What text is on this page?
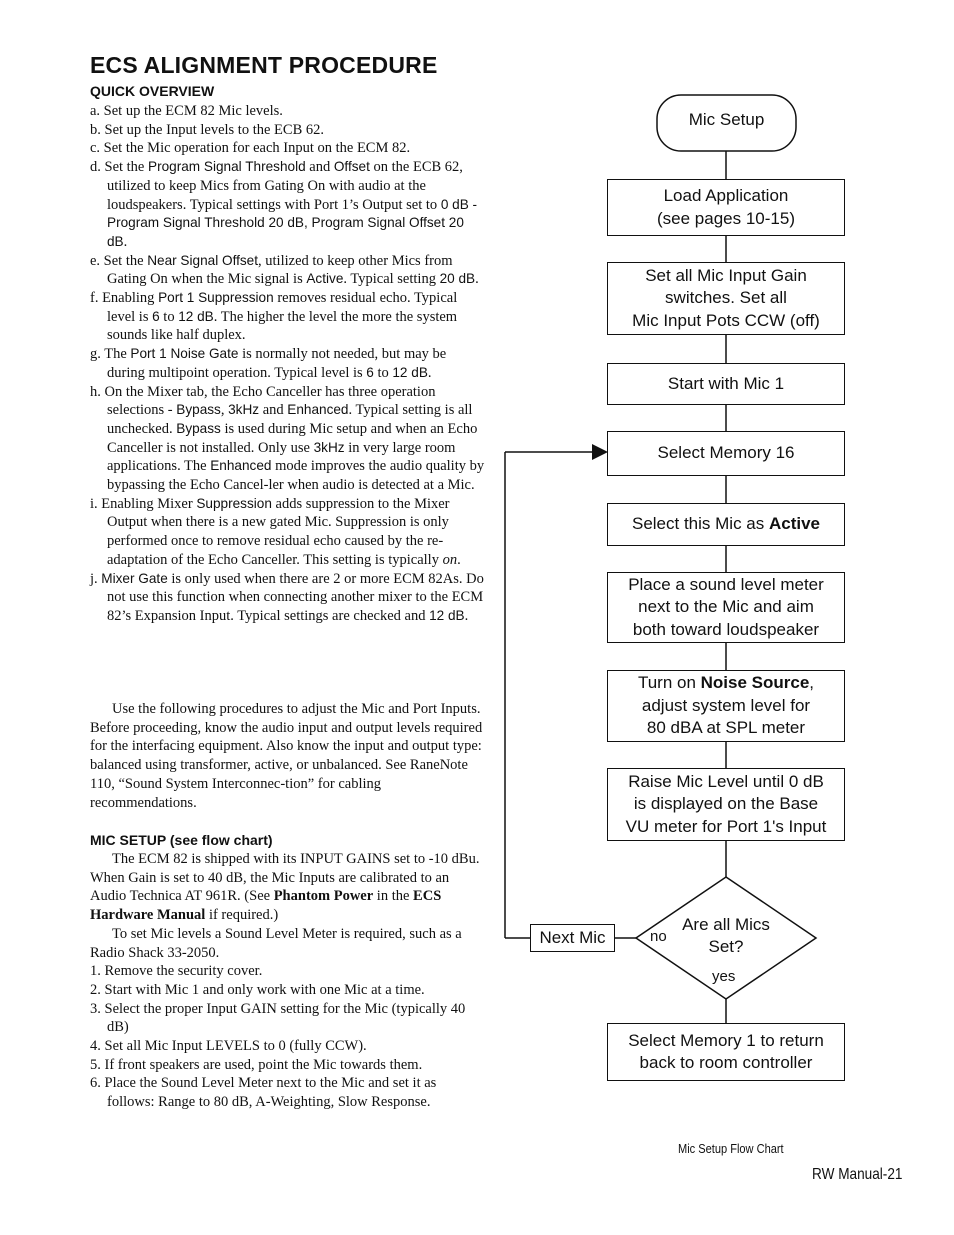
ECS ALIGNMENT PROCEDURE
QUICK OVERVIEW

a. Set up the ECM 82 Mic levels.

b. Set up the Input levels to the ECB 62.

c. Set the Mic operation for each Input on the ECM 82.

d. Set the Program Signal Threshold and Offset on the ECB 62, utilized to keep Mics from Gating On with audio at the loudspeakers. Typical settings with Port 1’s Output set to 0 dB - Program Signal Threshold 20 dB, Program Signal Offset 20 dB.

e. Set the Near Signal Offset, utilized to keep other Mics from Gating On when the Mic signal is Active. Typical setting 20 dB.

f. Enabling Port 1 Suppression removes residual echo. Typical level is 6 to 12 dB. The higher the level the more the system sounds like half duplex.

g. The Port 1 Noise Gate is normally not needed, but may be during multipoint operation. Typical level is 6 to 12 dB.

h. On the Mixer tab, the Echo Canceller has three operation selections - Bypass, 3kHz and Enhanced. Typical setting is all unchecked. Bypass is used during Mic setup and when an Echo Canceller is not installed. Only use 3kHz in very large room applications. The Enhanced mode improves the audio quality by bypassing the Echo Cancel-ler when audio is detected at a Mic.

i. Enabling Mixer Suppression adds suppression to the Mixer Output when there is a new gated Mic. Suppression is only performed once to remove residual echo caused by the re-adaptation of the Echo Canceller. This setting is typically on.

j. Mixer Gate is only used when there are 2 or more ECM 82As. Do not use this function when connecting another mixer to the ECM 82’s Expansion Input. Typical settings are checked and 12 dB.

Use the following procedures to adjust the Mic and Port Inputs. Before proceeding, know the audio input and output levels required for the interfacing equipment. Also know the input and output type: balanced using transformer, active, or unbalanced. See RaneNote 110, “Sound System Interconnec-tion” for cabling recommendations.

MIC SETUP (see flow chart)

The ECM 82 is shipped with its INPUT GAINS set to -10 dBu. When Gain is set to 40 dB, the Mic Inputs are calibrated to an Audio Technica AT 961R. (See Phantom Power in the ECS Hardware Manual if required.)

To set Mic levels a Sound Level Meter is required, such as a Radio Shack 33-2050.

1. Remove the security cover.

2. Start with Mic 1 and only work with one Mic at a time.

3. Select the proper Input GAIN setting for the Mic (typically 40 dB)

4. Set all Mic Input LEVELS to 0 (fully CCW).

5. If front speakers are used, point the Mic towards them.

6. Place the Sound Level Meter next to the Mic and set it as follows: Range to 80 dB, A-Weighting, Slow Response.

Mic Setup
Load Application
(see pages 10-15)
Set all Mic Input Gain
switches. Set all
Mic Input Pots CCW (off)
Start with Mic 1
Select Memory 16
Select this Mic as Active
Place a sound level meter
next to the Mic and aim
both toward loudspeaker
Turn on Noise Source,
adjust system level for
80 dBA at SPL meter
Raise Mic Level until 0 dB
is displayed on the Base
VU meter for Port 1's Input
Are all Mics
Set?
no
yes
Next Mic
Select Memory 1 to return
back to room controller
Mic Setup Flow Chart
RW Manual-21
